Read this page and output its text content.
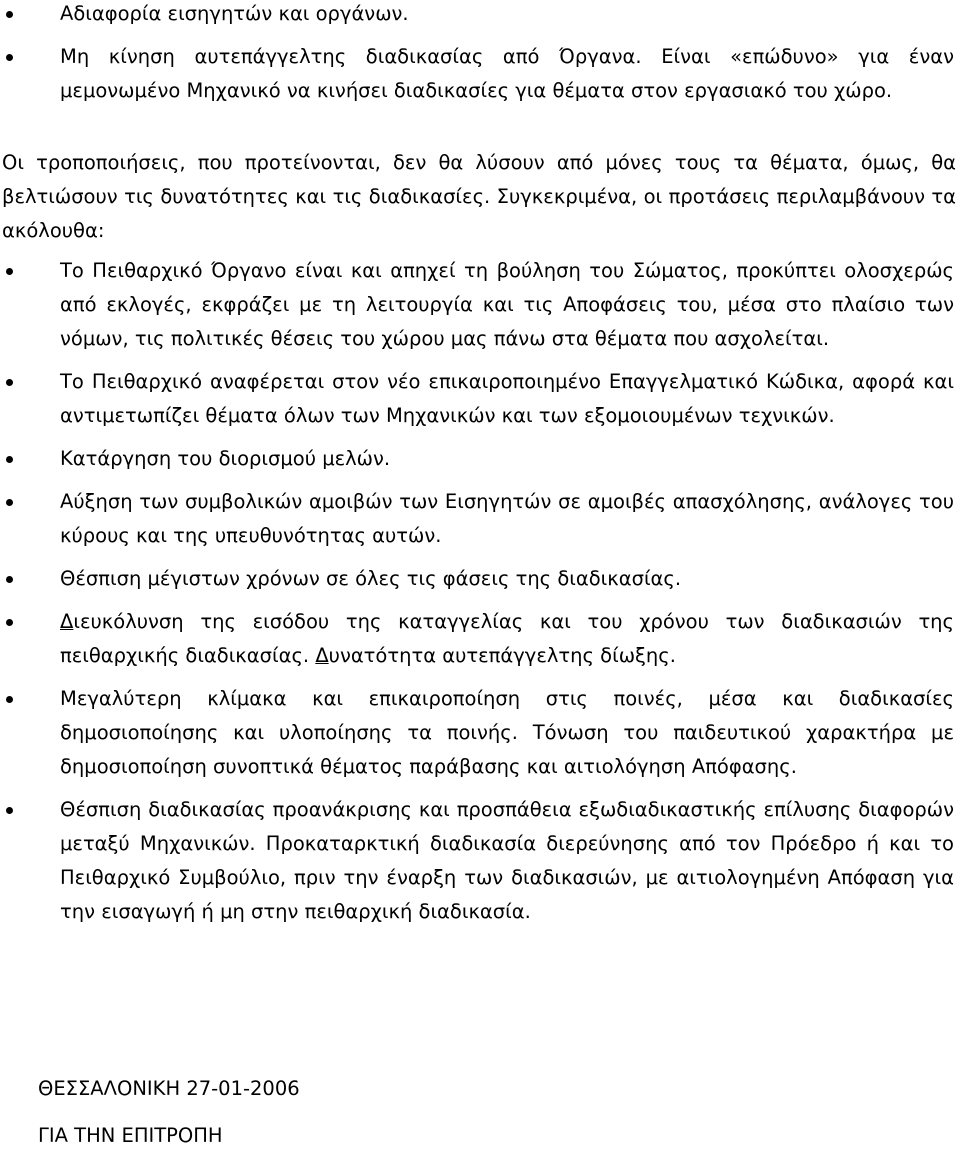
Αδιαφορία εισηγητών και οργάνων.
Μη κίνηση αυτεπάγγελτης διαδικασίας από Όργανα. Είναι «επώδυνο» για έναν μεμονωμένο Μηχανικό να κινήσει διαδικασίες για θέματα στον εργασιακό του χώρο.

Οι τροποποιήσεις, που προτείνονται, δεν θα λύσουν από μόνες τους τα θέματα, όμως, θα βελτιώσουν τις δυνατότητες και τις διαδικασίες. Συγκεκριμένα, οι προτάσεις περιλαμβάνουν τα ακόλουθα:

Το Πειθαρχικό Όργανο είναι και απηχεί τη βούληση του Σώματος, προκύπτει ολοσχερώς από εκλογές, εκφράζει με τη λειτουργία και τις Αποφάσεις του, μέσα στο πλαίσιο των νόμων, τις πολιτικές θέσεις του χώρου μας πάνω στα θέματα που ασχολείται.
Το Πειθαρχικό αναφέρεται στον νέο επικαιροποιημένο Επαγγελματικό Κώδικα, αφορά και αντιμετωπίζει θέματα όλων των Μηχανικών και των εξομοιουμένων τεχνικών.
Κατάργηση του διορισμού μελών.
Αύξηση των συμβολικών αμοιβών των Εισηγητών σε αμοιβές απασχόλησης, ανάλογες του κύρους και της υπευθυνότητας αυτών.
Θέσπιση μέγιστων χρόνων σε όλες τις φάσεις της διαδικασίας.
Διευκόλυνση της εισόδου της καταγγελίας και του χρόνου των διαδικασιών της πειθαρχικής διαδικασίας. Δυνατότητα αυτεπάγγελτης δίωξης.
Μεγαλύτερη κλίμακα και επικαιροποίηση στις ποινές, μέσα και διαδικασίες δημοσιοποίησης και υλοποίησης τα ποινής. Τόνωση του παιδευτικού χαρακτήρα με δημοσιοποίηση συνοπτικά θέματος παράβασης και αιτιολόγηση Απόφασης.
Θέσπιση διαδικασίας προανάκρισης και προσπάθεια εξωδιαδικαστικής επίλυσης διαφορών μεταξύ Μηχανικών. Προκαταρκτική διαδικασία διερεύνησης από τον Πρόεδρο ή και το Πειθαρχικό Συμβούλιο, πριν την έναρξη των διαδικασιών, με αιτιολογημένη Απόφαση για την εισαγωγή ή μη στην πειθαρχική διαδικασία.
ΘΕΣΣΑΛΟΝΙΚΗ 27-01-2006
ΓΙΑ ΤΗΝ ΕΠΙΤΡΟΠΗ
